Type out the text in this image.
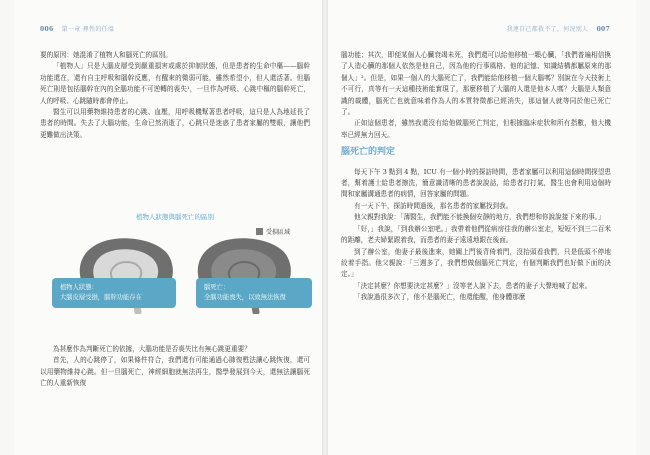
006 第一章 裡性的任溫	我連自己都救不了，何況別人 007

要的原因：她混淆了植物人和腦死亡的區別。

「植物人」只是大腦皮層受到嚴重損害或處於抑制狀態，但是患者的生命中樞——腦幹功能還在，還有自主呼吸和腦幹反應，有醒來的微弱可能，雖然希望小，但人還活著。但腦死亡則是包括腦幹在內的全腦功能不可逆轉的喪失¹，一旦作為呼吸、心跳中樞的腦幹死亡，人的呼吸、心跳隨時都會停止。

醫生可以用藥物維持患者的心跳、血壓，用呼吸機幫著患者呼吸，這只是人為地延長了患者的時間。失去了大腦功能，生命已然消逝了，心跳只是迷惑了患者家屬的雙眼，讓他們更難做出決策。

植物人狀態與腦死亡的區別
受損區域
植物人狀態：
大腦皮層受損，腦幹功能存在
腦死亡：
全腦功能喪失，以致無法恢復

為甚麼作為判斷死亡的依據，大腦功能是否喪失比有無心跳更重要？

首先，人的心跳停了，如果條件符合，我們還有可能通過心肺復甦法讓心跳恢復，還可以用藥物維持心跳。但一旦腦死亡，神經細胞就無法再生，醫學發展到今天，還無法讓腦死亡的人重新恢復

腦功能；其次，即便某個人心臟衰竭未死，我們還可以給他移植一顆心臟，「我們普遍相信換了人造心臟的那個人依然是他自己，因為他的行事風格、他的記憶、知識結構都屬原來的那個人」²。但是，如果一個人的大腦死亡了，我們能給他移植一個大腦嗎？別說在今天技術上不可行，真等有一天這種技術能實現了，那麼移植了大腦的人還是他本人嗎？大腦是人類意識的載體，腦死亡也就意味着作為人的本質特徵都已經消失，那這個人就等同於他已死亡了。

正如這個患者，雖然我還沒有給他做腦死亡判定，但根據臨床症狀和所有指數，他大機率已經無力回天。

腦死亡的判定

每天下午 3 點到 4 點，ICU 有一個小時的探訪時間，患者家屬可以利用這個時間探望患者，幫着護士給患者擦洗，簡意識清晰的患者說說話，給患者打打氣，醫生也會利用這個時間和家屬溝通患者的病情，回答家屬的問題。

有一天下午，探訪時間過後，那名患者的家屬找到我。

他父親對我說：「薄醫生，我們能不能換個安靜的地方，我們想和你說說接下來的事。」

「好，」我說，「到我辦公室吧。」我帶着他們從病房往我的辦公室走，短短不到三二百米的距離，老夫婦緊跟着我，而患者的妻子遠遠地跟在後面。

到了辦公室，他妻子最後進來，她關上門後背倚着門，沒抬頭看我們，只是低頭不停地絞着手指。他父親說：「三週多了，我們想做個腦死亡判定，有個判斷我們也好做下面的決定。」

「決定甚麼？你想要決定甚麼？」沒等老人說下去，患者的妻子大聲地喊了起來。

「我說過很多次了，他不是腦死亡，他還能醒，他身體那麼
